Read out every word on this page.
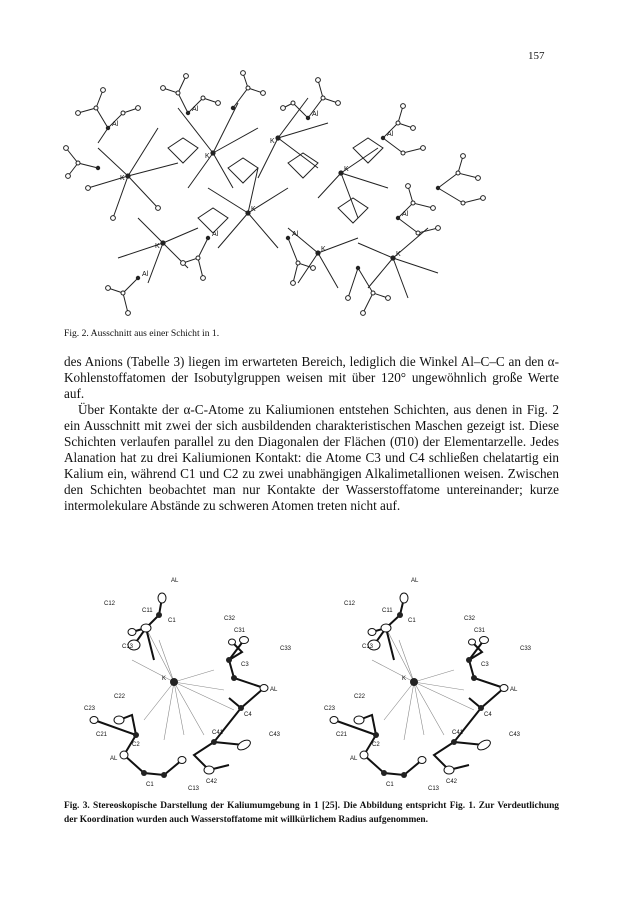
157
Al
Al
Al
Al
Al
Al	Al
Al
K
K
K
K
K
K	K
K
Fig. 2. Ausschnitt aus einer Schicht in 1.

des Anions (Tabelle 3) liegen im erwarteten Bereich, lediglich die Winkel Al–C–C an den α-Kohlenstoffatomen der Isobutylgruppen weisen mit über 120° ungewöhnlich große Werte auf.

Über Kontakte der α-C-Atome zu Kaliumionen entstehen Schichten, aus denen in Fig. 2 ein Ausschnitt mit zwei der sich ausbildenden charakteristischen Maschen gezeigt ist. Diese Schichten verlaufen parallel zu den Diagonalen der Flächen (0̄10) der Elementarzelle. Jedes Alanation hat zu drei Kaliumionen Kontakt: die Atome C3 und C4 schließen chelatartig ein Kalium ein, während C1 und C2 zu zwei unabhängigen Alkalimetallionen weisen. Zwischen den Schichten beobachtet man nur Kontakte der Wasserstoffatome untereinander; kurze intermolekulare Abstände zu schweren Atomen treten nicht auf.

AL
C12
C11
C1
C13
C32
C31
C33
C3
K
AL
C22
C23
C21
C2
C4
C41	C43
C42
AL
C1
C13
AL
C12
C11
C1
C13
C32
C31
C33
C3
K
AL
C22
C23
C21
C2
C4
C41	C43
C42
AL
C1
C13
Fig. 3. Stereoskopische Darstellung der Kaliumumgebung in 1 [25]. Die Abbildung entspricht Fig. 1. Zur Verdeutlichung der Koordination wurden auch Wasserstoffatome mit willkürlichem Radius aufgenommen.
